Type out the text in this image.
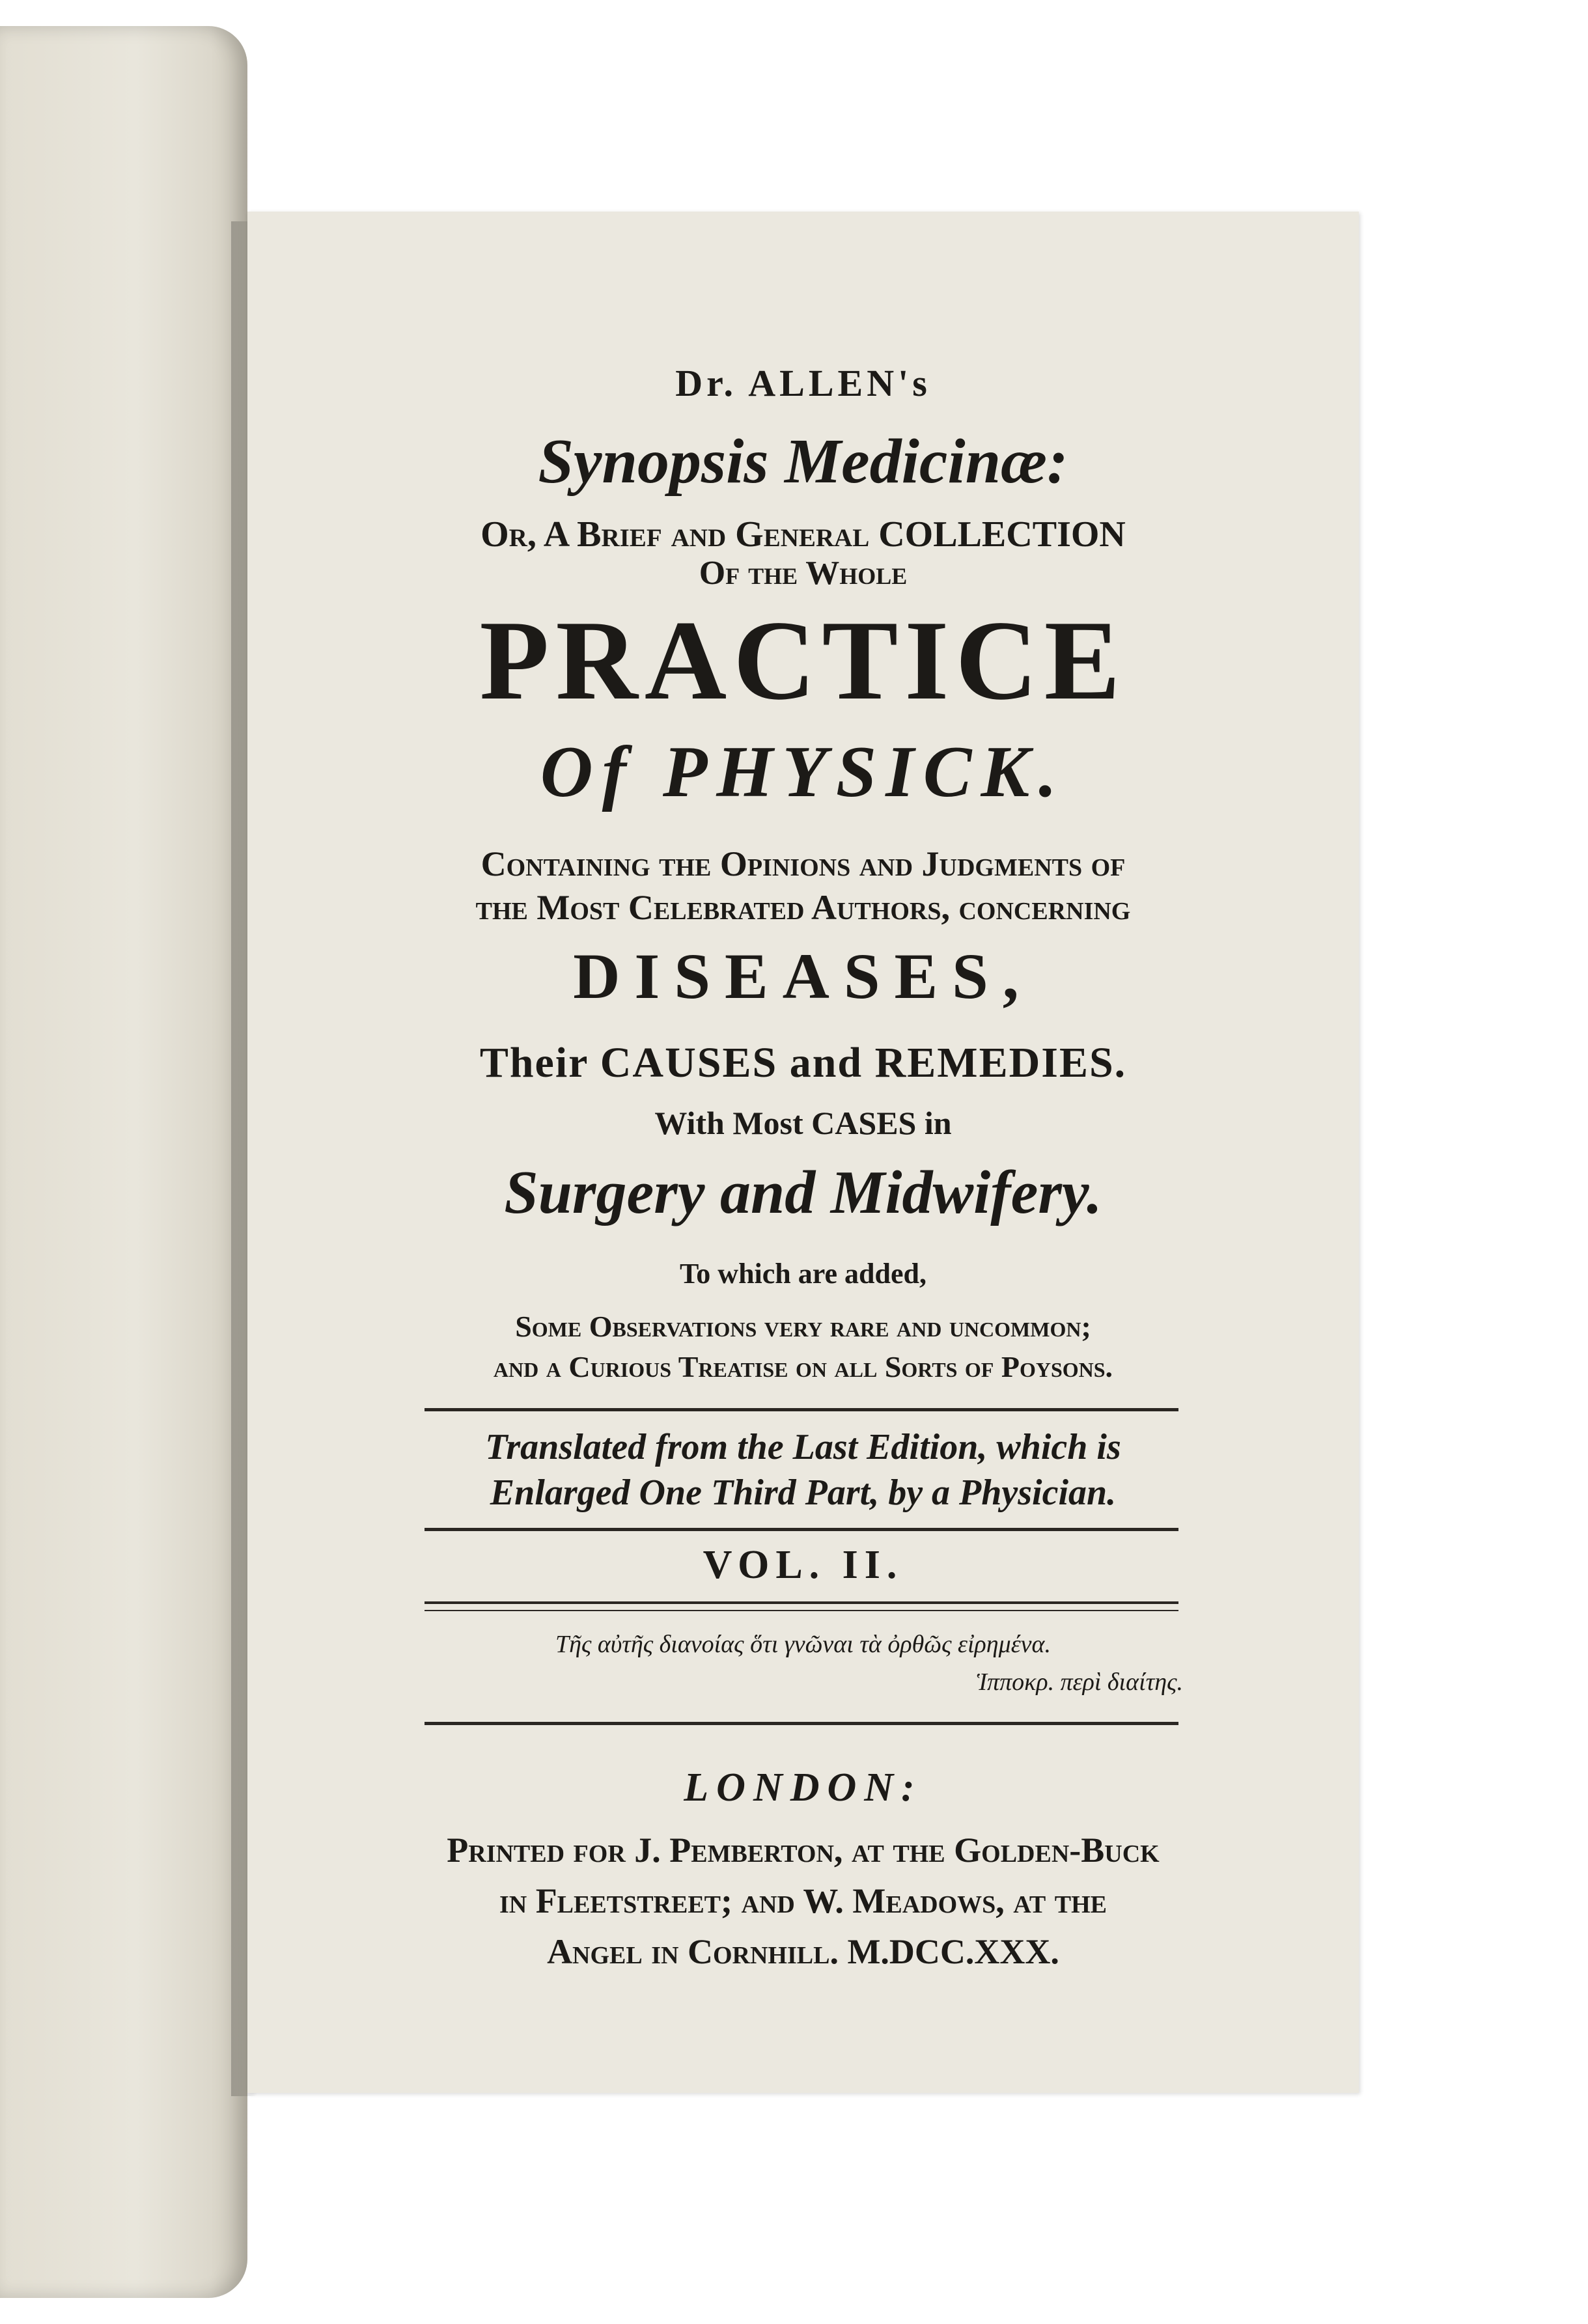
Dr. ALLEN's
Synopsis Medicinæ:
Or, A Brief and General COLLECTION
Of the Whole
PRACTICE
Of PHYSICK.
Containing the Opinions and Judgments of
the Most Celebrated Authors, concerning
DISEASES,
Their CAUSES and REMEDIES.
With Most CASES in
Surgery and Midwifery.
To which are added,
Some Observations very rare and uncommon;
and a Curious Treatise on all Sorts of Poysons.
Translated from the Last Edition, which is
Enlarged One Third Part, by a Physician.
VOL. II.
Τῆς αὐτῆς διανοίας ὅτι γνῶναι τὰ ὀρθῶς εἰρημένα.
Ἱπποκρ. περὶ διαίτης.
LONDON:
Printed for J. Pemberton, at the Golden-Buck
in Fleetstreet; and W. Meadows, at the
Angel in Cornhill. M.DCC.XXX.
